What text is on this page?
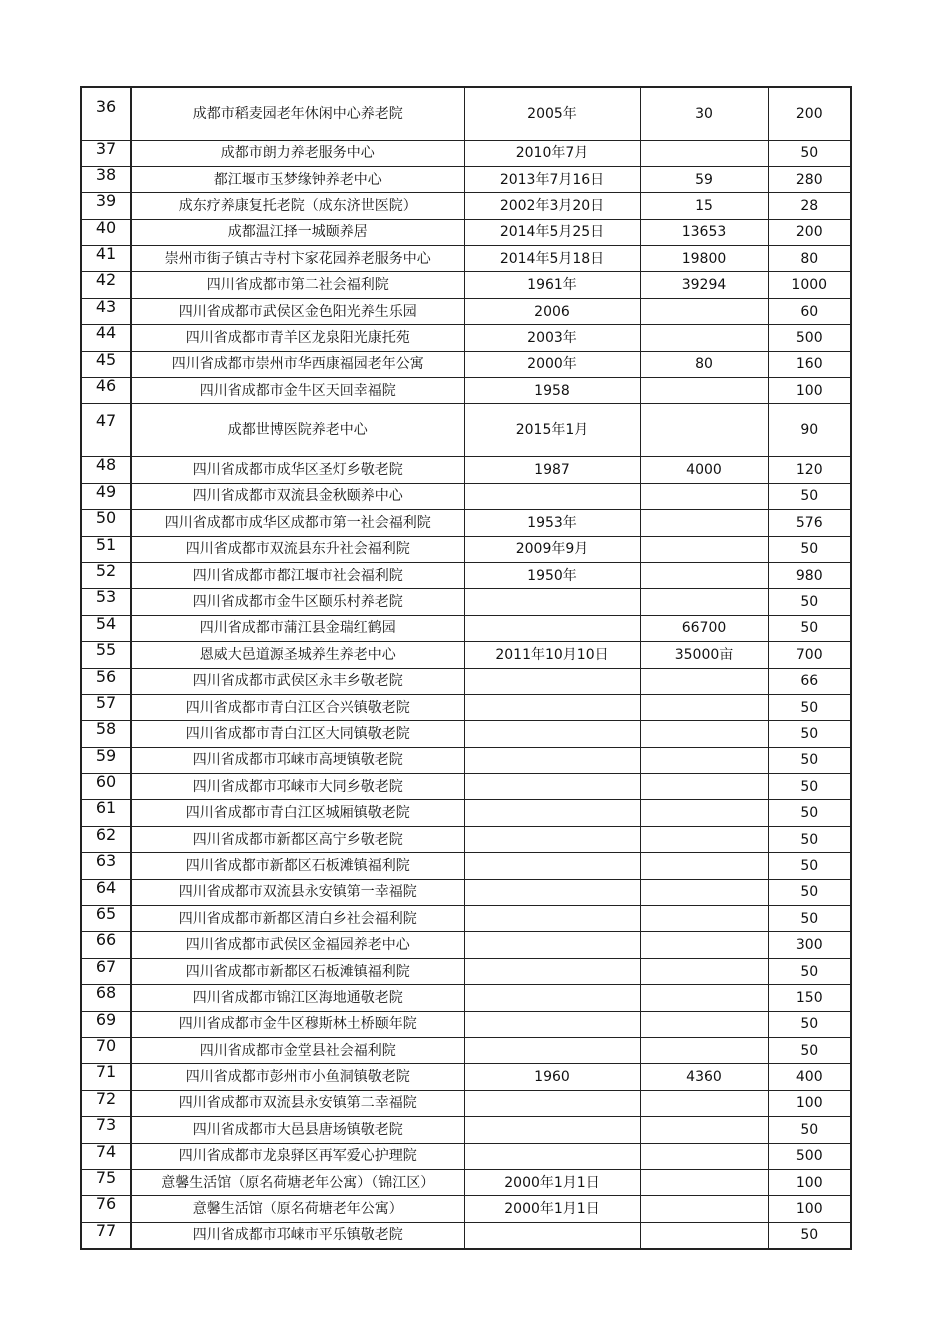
36	成都市稻麦园老年休闲中心养老院	2005年	30	200
37	成都市朗力养老服务中心	2010年7月		50
38	都江堰市玉梦缘钟养老中心	2013年7月16日	59	280
39	成东疗养康复托老院（成东济世医院）	2002年3月20日	15	28
40	成都温江择一城颐养居	2014年5月25日	13653	200
41	崇州市街子镇古寺村卞家花园养老服务中心	2014年5月18日	19800	80
42	四川省成都市第二社会福利院	1961年	39294	1000
43	四川省成都市武侯区金色阳光养生乐园	2006		60
44	四川省成都市青羊区龙泉阳光康托苑	2003年		500
45	四川省成都市崇州市华西康福园老年公寓	2000年	80	160
46	四川省成都市金牛区天回幸福院	1958		100
47	成都世博医院养老中心	2015年1月		90
48	四川省成都市成华区圣灯乡敬老院	1987	4000	120
49	四川省成都市双流县金秋颐养中心			50
50	四川省成都市成华区成都市第一社会福利院	1953年		576
51	四川省成都市双流县东升社会福利院	2009年9月		50
52	四川省成都市都江堰市社会福利院	1950年		980
53	四川省成都市金牛区颐乐村养老院			50
54	四川省成都市蒲江县金瑞红鹤园		66700	50
55	恩威大邑道源圣城养生养老中心	2011年10月10日	35000亩	700
56	四川省成都市武侯区永丰乡敬老院			66
57	四川省成都市青白江区合兴镇敬老院			50
58	四川省成都市青白江区大同镇敬老院			50
59	四川省成都市邛崃市高埂镇敬老院			50
60	四川省成都市邛崃市大同乡敬老院			50
61	四川省成都市青白江区城厢镇敬老院			50
62	四川省成都市新都区高宁乡敬老院			50
63	四川省成都市新都区石板滩镇福利院			50
64	四川省成都市双流县永安镇第一幸福院			50
65	四川省成都市新都区清白乡社会福利院			50
66	四川省成都市武侯区金福园养老中心			300
67	四川省成都市新都区石板滩镇福利院			50
68	四川省成都市锦江区海地通敬老院			150
69	四川省成都市金牛区穆斯林土桥颐年院			50
70	四川省成都市金堂县社会福利院			50
71	四川省成都市彭州市小鱼洞镇敬老院	1960	4360	400
72	四川省成都市双流县永安镇第二幸福院			100
73	四川省成都市大邑县唐场镇敬老院			50
74	四川省成都市龙泉驿区再军爱心护理院			500
75	意馨生活馆（原名荷塘老年公寓）（锦江区）	2000年1月1日		100
76	意馨生活馆（原名荷塘老年公寓）	2000年1月1日		100
77	四川省成都市邛崃市平乐镇敬老院			50
